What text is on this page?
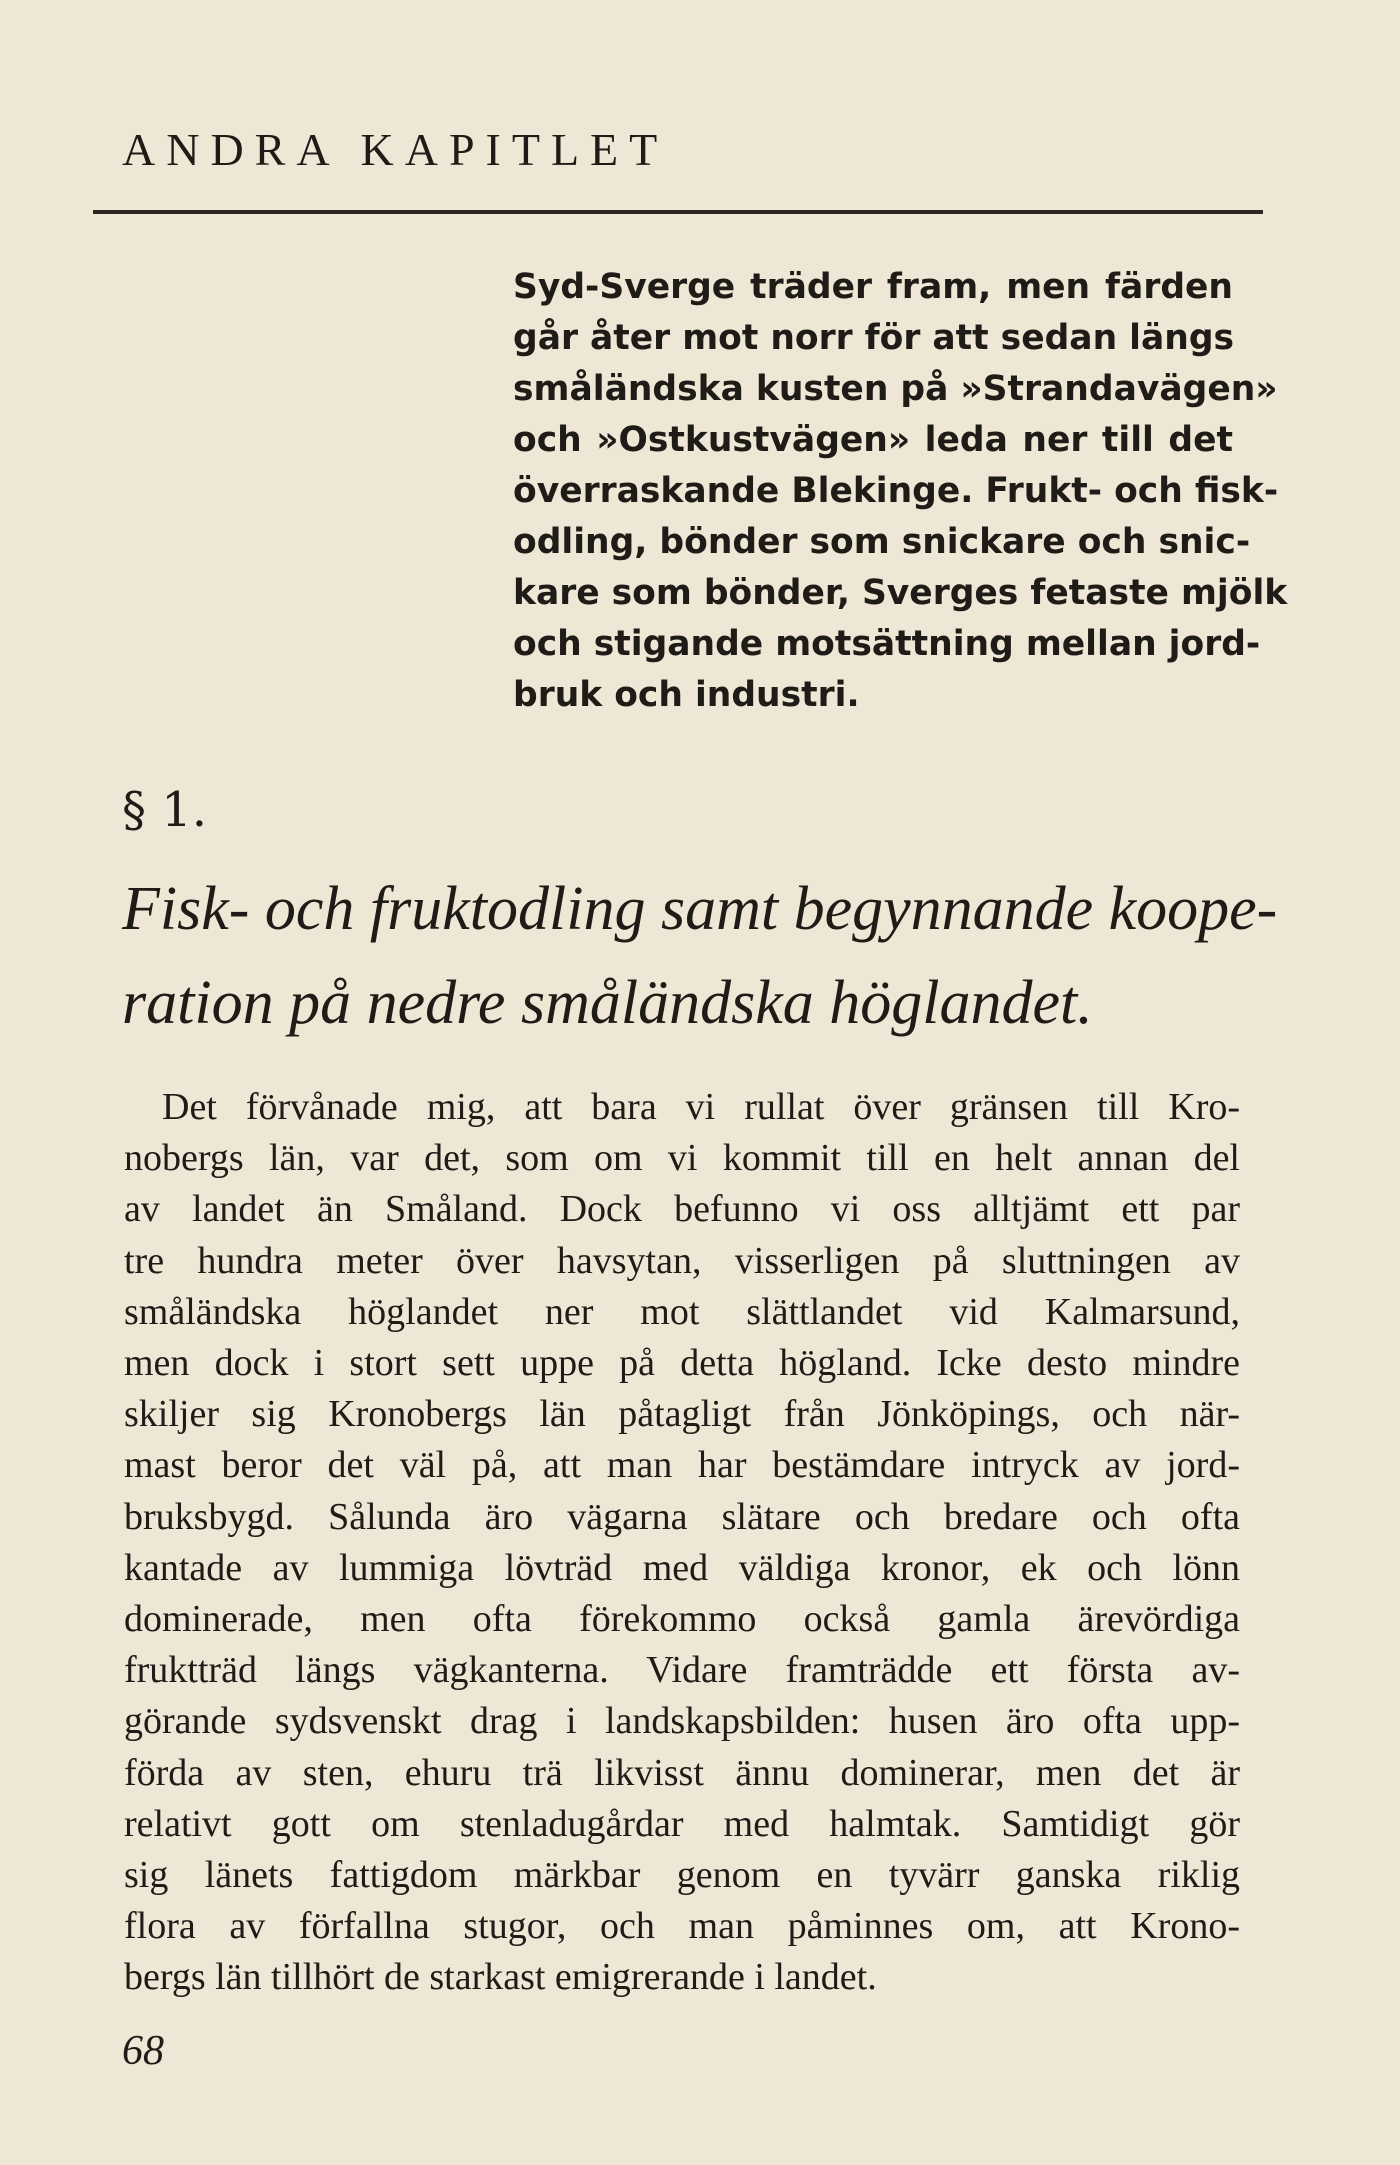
ANDRA KAPITLET
Syd-Sverge träder fram, men färden
går åter mot norr för att sedan längs
småländska kusten på »Strandavägen»
och »Ostkustvägen» leda ner till det
överraskande Blekinge. Frukt- och fisk-
odling, bönder som snickare och snic-
kare som bönder, Sverges fetaste mjölk
och stigande motsättning mellan jord-
bruk och industri.
§ 1.
Fisk- och fruktodling samt begynnande koope-
ration på nedre småländska höglandet.
Det förvånade mig, att bara vi rullat över gränsen till Kro-
nobergs län, var det, som om vi kommit till en helt annan del
av landet än Småland. Dock befunno vi oss alltjämt ett par
tre hundra meter över havsytan, visserligen på sluttningen av
småländska höglandet ner mot slättlandet vid Kalmarsund,
men dock i stort sett uppe på detta högland. Icke desto mindre
skiljer sig Kronobergs län påtagligt från Jönköpings, och när-
mast beror det väl på, att man har bestämdare intryck av jord-
bruksbygd. Sålunda äro vägarna slätare och bredare och ofta
kantade av lummiga lövträd med väldiga kronor, ek och lönn
dominerade, men ofta förekommo också gamla ärevördiga
fruktträd längs vägkanterna. Vidare framträdde ett första av-
görande sydsvenskt drag i landskapsbilden: husen äro ofta upp-
förda av sten, ehuru trä likvisst ännu dominerar, men det är
relativt gott om stenladugårdar med halmtak. Samtidigt gör
sig länets fattigdom märkbar genom en tyvärr ganska riklig
flora av förfallna stugor, och man påminnes om, att Krono-
bergs län tillhört de starkast emigrerande i landet.
68
